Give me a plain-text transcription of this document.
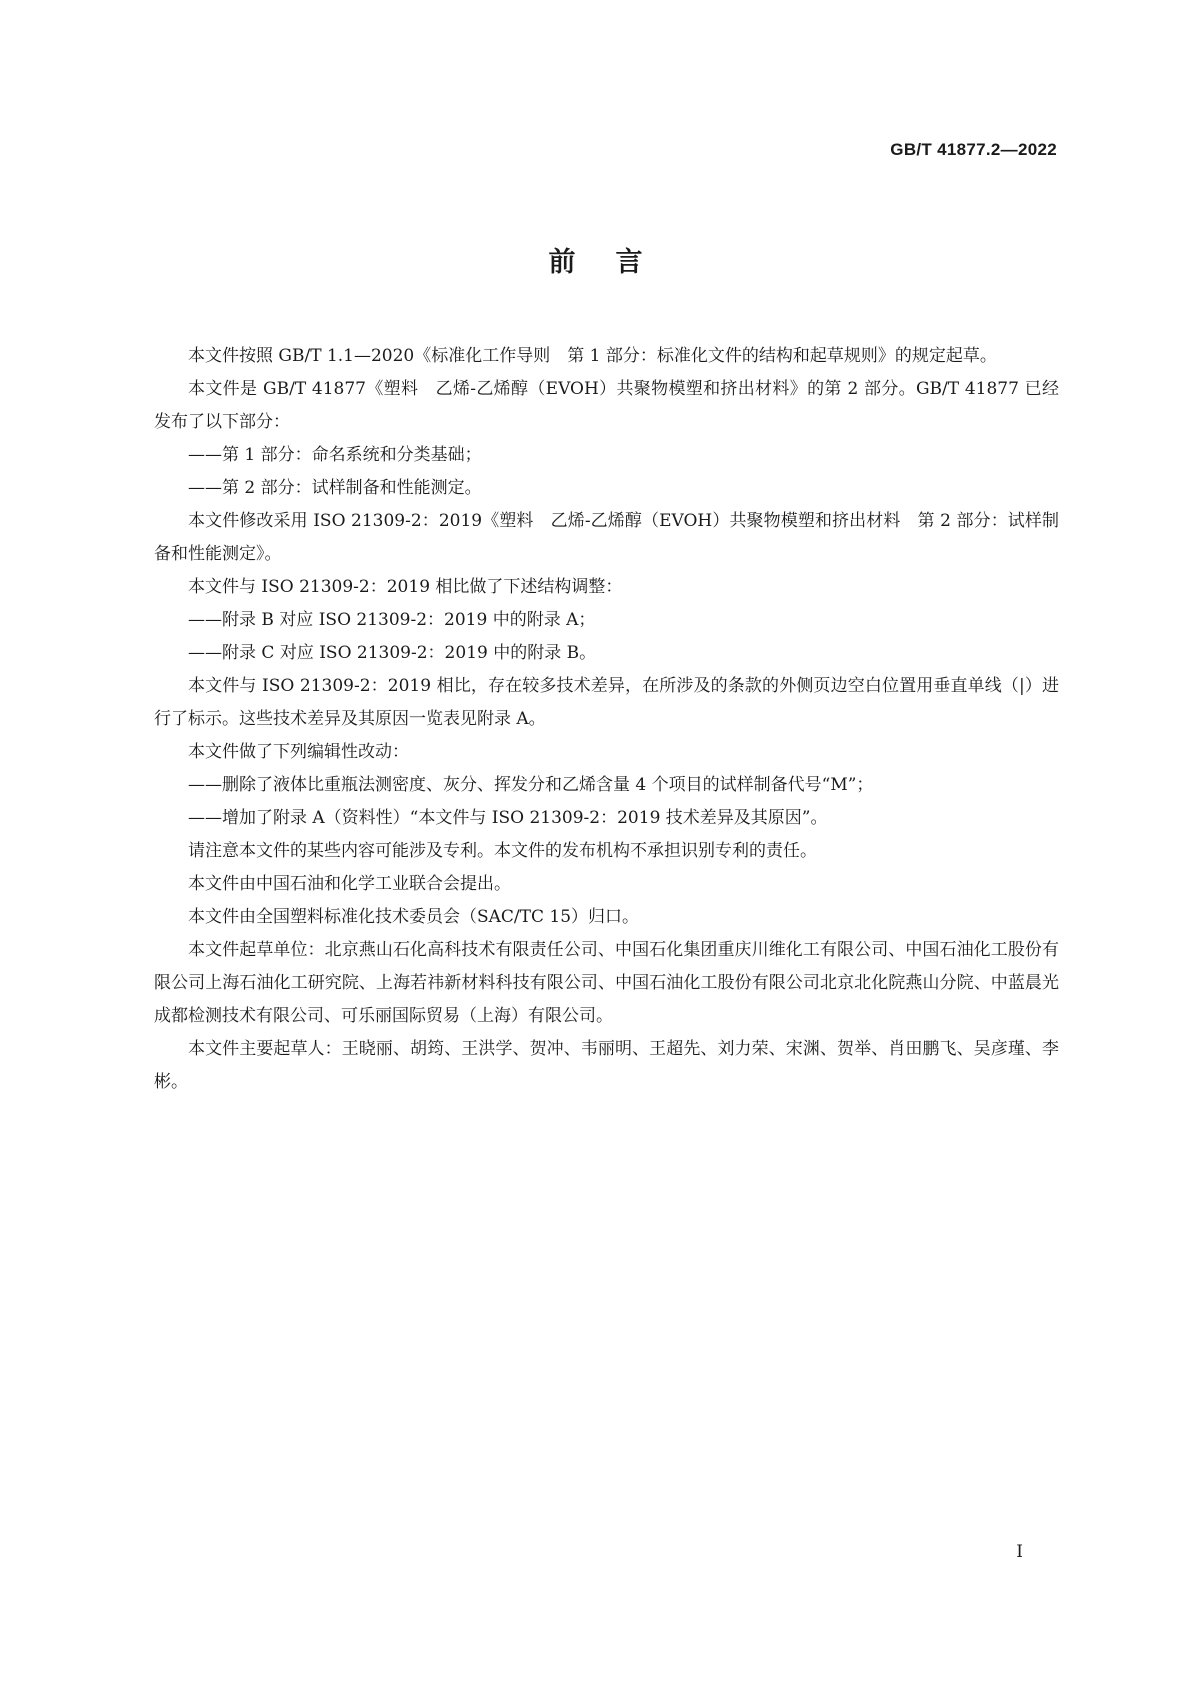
GB/T 41877.2—2022
前言

本文件按照 GB/T 1.1—2020《标准化工作导则　第 1 部分：标准化文件的结构和起草规则》的规定起草。

本文件是 GB/T 41877《塑料　乙烯-乙烯醇（EVOH）共聚物模塑和挤出材料》的第 2 部分。GB/T 41877 已经发布了以下部分：

——第 1 部分：命名系统和分类基础；

——第 2 部分：试样制备和性能测定。

本文件修改采用 ISO 21309-2：2019《塑料　乙烯-乙烯醇（EVOH）共聚物模塑和挤出材料　第 2 部分：试样制备和性能测定》。

本文件与 ISO 21309-2：2019 相比做了下述结构调整：

——附录 B 对应 ISO 21309-2：2019 中的附录 A；

——附录 C 对应 ISO 21309-2：2019 中的附录 B。

本文件与 ISO 21309-2：2019 相比，存在较多技术差异，在所涉及的条款的外侧页边空白位置用垂直单线（|）进行了标示。这些技术差异及其原因一览表见附录 A。

本文件做了下列编辑性改动：

——删除了液体比重瓶法测密度、灰分、挥发分和乙烯含量 4 个项目的试样制备代号“M”；

——增加了附录 A（资料性）“本文件与 ISO 21309-2：2019 技术差异及其原因”。

请注意本文件的某些内容可能涉及专利。本文件的发布机构不承担识别专利的责任。

本文件由中国石油和化学工业联合会提出。

本文件由全国塑料标准化技术委员会（SAC/TC 15）归口。

本文件起草单位：北京燕山石化高科技术有限责任公司、中国石化集团重庆川维化工有限公司、中国石油化工股份有限公司上海石油化工研究院、上海若祎新材料科技有限公司、中国石油化工股份有限公司北京北化院燕山分院、中蓝晨光成都检测技术有限公司、可乐丽国际贸易（上海）有限公司。

本文件主要起草人：王晓丽、胡筠、王洪学、贺冲、韦丽明、王超先、刘力荣、宋渊、贺举、肖田鹏飞、吴彦瑾、李彬。

I
